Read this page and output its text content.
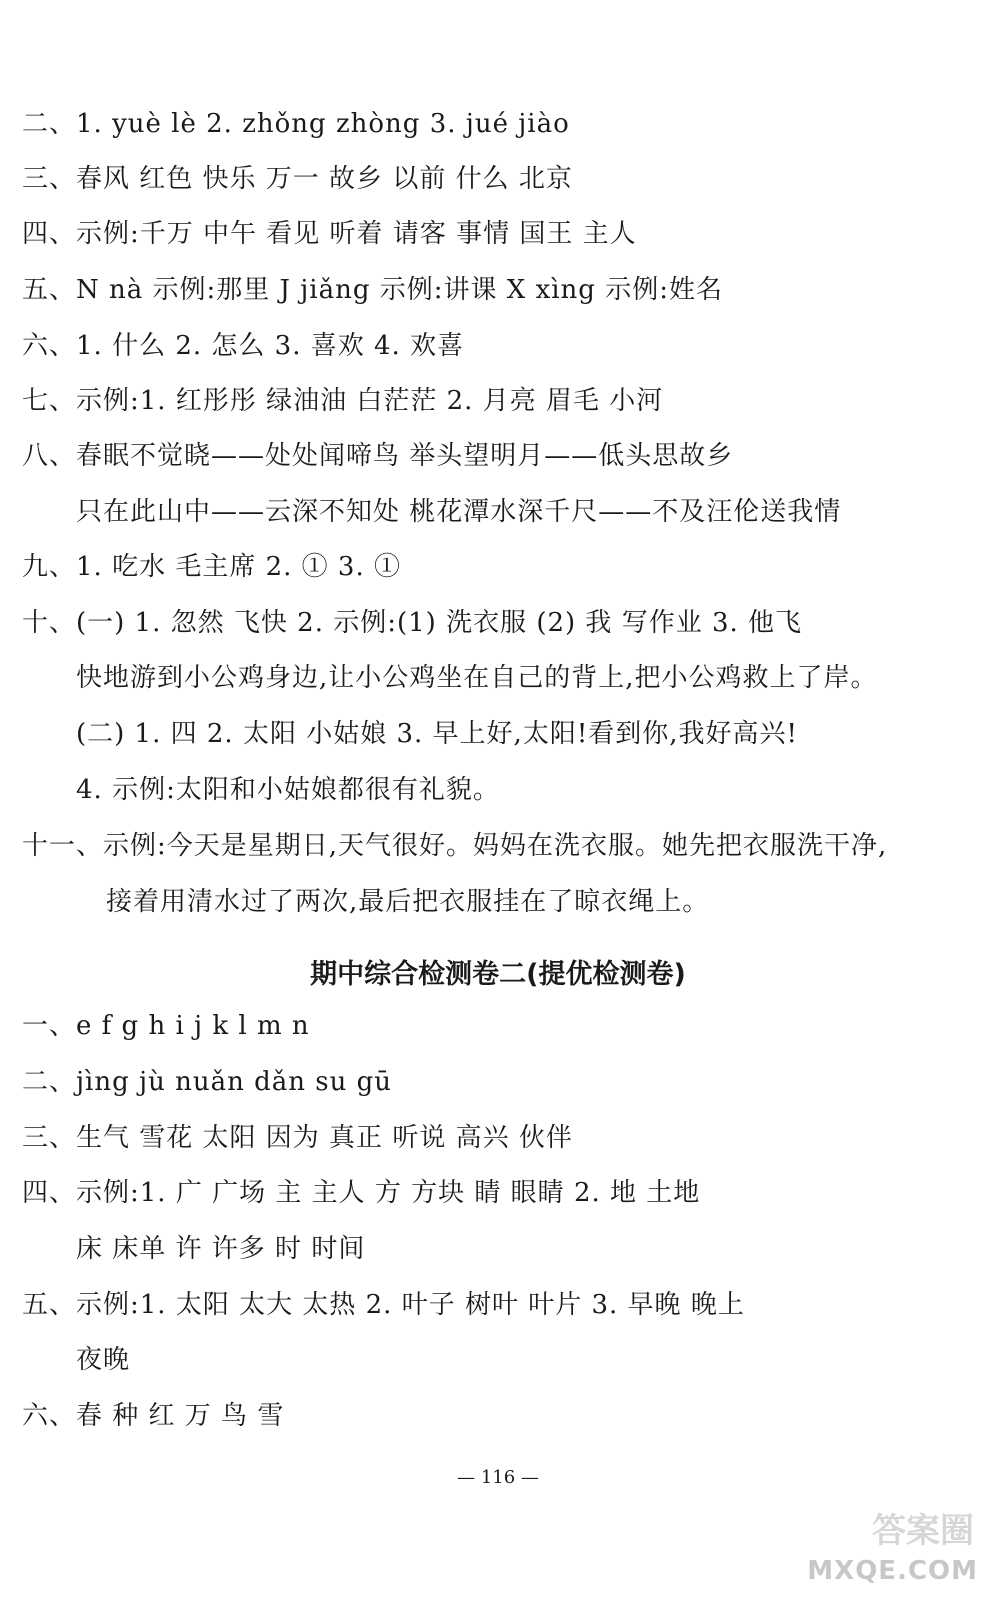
二、1. yuè lè 2. zhǒng zhòng 3. jué jiào
三、春风 红色 快乐 万一 故乡 以前 什么 北京
四、示例:千万 中午 看见 听着 请客 事情 国王 主人
五、N nà 示例:那里 J jiǎng 示例:讲课 X xìng 示例:姓名
六、1. 什么 2. 怎么 3. 喜欢 4. 欢喜
七、示例:1. 红彤彤 绿油油 白茫茫 2. 月亮 眉毛 小河
八、春眠不觉晓——处处闻啼鸟 举头望明月——低头思故乡
只在此山中——云深不知处 桃花潭水深千尺——不及汪伦送我情
九、1. 吃水 毛主席 2. ① 3. ①
十、(一) 1. 忽然 飞快 2. 示例:(1) 洗衣服 (2) 我 写作业 3. 他飞
快地游到小公鸡身边,让小公鸡坐在自己的背上,把小公鸡救上了岸。
(二) 1. 四 2. 太阳 小姑娘 3. 早上好,太阳!看到你,我好高兴!
4. 示例:太阳和小姑娘都很有礼貌。
十一、示例:今天是星期日,天气很好。妈妈在洗衣服。她先把衣服洗干净,
接着用清水过了两次,最后把衣服挂在了晾衣绳上。
期中综合检测卷二(提优检测卷)
一、e f g h i j k l m n
二、jìng jù nuǎn dǎn su gū
三、生气 雪花 太阳 因为 真正 听说 高兴 伙伴
四、示例:1. 广 广场 主 主人 方 方块 睛 眼睛 2. 地 土地
床 床单 许 许多 时 时间
五、示例:1. 太阳 太大 太热 2. 叶子 树叶 叶片 3. 早晚 晚上
夜晚
六、春 种 红 万 鸟 雪
— 116 —
答案圈
MXQE.COM
